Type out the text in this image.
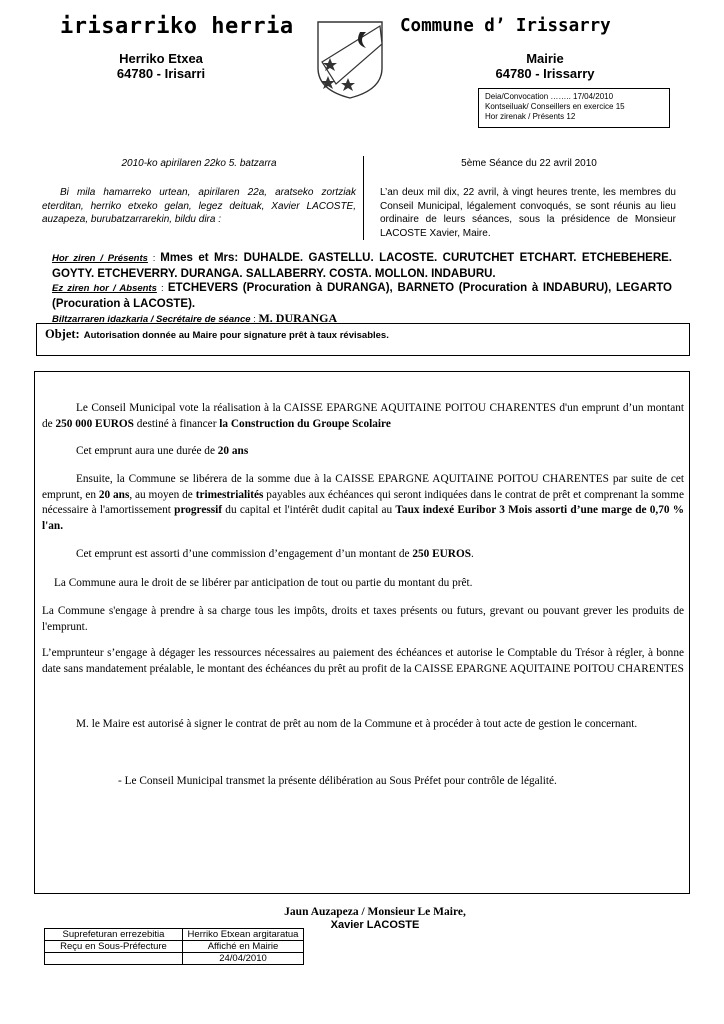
irisarriko herria
Herriko Etxea
64780 - Irisarri
Commune d’ Irissarry
Mairie
64780 - Irissarry
Deia/Convocation …….. 17/04/2010
Kontseiluak/ Conseillers en exercice 15
Hor zirenak / Présents 12
2010-ko apirilaren 22ko 5. batzarra
Bi mila hamarreko urtean, apirilaren 22a, aratseko zortziak eterditan, herriko etxeko gelan, legez deituak, Xavier LACOSTE, auzapeza, burubatzarrarekin, bildu dira :
5ème Séance du 22 avril 2010
L’an deux mil dix, 22 avril, à vingt heures trente, les membres du Conseil Municipal, légalement convoqués, se sont réunis au lieu ordinaire de leurs séances, sous la présidence de Monsieur LACOSTE Xavier, Maire.
Hor ziren / Présents : Mmes et Mrs: DUHALDE. GASTELLU. LACOSTE. CURUTCHET ETCHART. ETCHEBEHERE. GOYTY. ETCHEVERRY. DURANGA. SALLABERRY. COSTA. MOLLON. INDABURU.
Ez ziren hor / Absents : ETCHEVERS (Procuration à DURANGA), BARNETO (Procuration à INDABURU), LEGARTO (Procuration à LACOSTE).
Biltzarraren idazkaria / Secrétaire de séance : M. DURANGA
Objet: Autorisation donnée au Maire pour signature prêt à taux révisables.
Le Conseil Municipal vote la réalisation à la CAISSE EPARGNE AQUITAINE POITOU CHARENTES d'un emprunt d’un montant de 250 000 EUROS destiné à financer la Construction du Groupe Scolaire
Cet emprunt aura une durée de 20 ans
Ensuite, la Commune se libérera de la somme due à la CAISSE EPARGNE AQUITAINE POITOU CHARENTES par suite de cet emprunt, en 20 ans, au moyen de trimestrialités payables aux échéances qui seront indiquées dans le contrat de prêt et comprenant la somme nécessaire à l'amortissement progressif du capital et l'intérêt dudit capital au Taux indexé Euribor 3 Mois assorti d’une marge de 0,70 % l'an.
Cet emprunt est assorti d’une commission d’engagement d’un montant de 250 EUROS.
La Commune aura le droit de se libérer par anticipation de tout ou partie du montant du prêt.
La Commune s'engage à prendre à sa charge tous les impôts, droits et taxes présents ou futurs, grevant ou pouvant grever les produits de l'emprunt.
L’emprunteur s’engage à dégager les ressources nécessaires au paiement des échéances et autorise le Comptable du Trésor à régler, à bonne date sans mandatement préalable, le montant des échéances du prêt au profit de la CAISSE EPARGNE AQUITAINE POITOU CHARENTES
M. le Maire est autorisé à signer le contrat de prêt au nom de la Commune et à procéder à tout acte de gestion le concernant.
- Le Conseil Municipal transmet la présente délibération au Sous Préfet pour contrôle de légalité.
Jaun Auzapeza / Monsieur Le Maire,
Xavier LACOSTE
Suprefeturan errezebitia	Herriko Etxean argitaratua
Reçu en Sous-Préfecture	Affiché en Mairie
	24/04/2010
